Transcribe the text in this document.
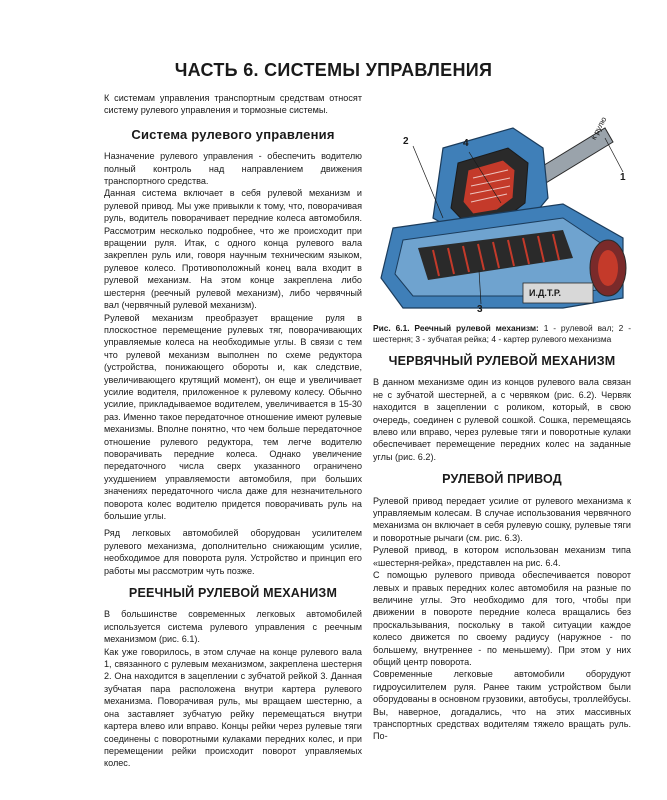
ЧАСТЬ 6. СИСТЕМЫ УПРАВЛЕНИЯ

К системам управления транспортным средствам относят систему рулевого управления и тормозные системы.

Система рулевого управления

Назначение рулевого управления - обеспечить водителю полный контроль над направлением движения транспортного средства.

Данная система включает в себя рулевой механизм и рулевой привод. Мы уже привыкли к тому, что, поворачивая руль, водитель поворачивает передние колеса автомобиля. Рассмотрим несколько подробнее, что же происходит при вращении руля. Итак, с одного конца рулевого вала закреплен руль или, говоря научным техническим языком, рулевое колесо. Противоположный конец вала входит в рулевой механизм. На этом конце закреплена либо шестерня (реечный рулевой механизм), либо червячный вал (червячный рулевой механизм).

Рулевой механизм преобразует вращение руля в плоскостное перемещение рулевых тяг, поворачивающих управляемые колеса на необходимые углы. В связи с тем что рулевой механизм выполнен по схеме редуктора (устройства, понижающего обороты и, как следствие, увеличивающего крутящий момент), он еще и увеличивает усилие водителя, приложенное к рулевому колесу. Обычно усилие, прикладываемое водителем, увеличивается в 15-30 раз. Именно такое передаточное отношение имеют рулевые механизмы. Вполне понятно, что чем больше передаточное отношение рулевого редуктора, тем легче водителю поворачивать передние колеса. Однако увеличение передаточного числа сверх указанного ограничено ухудшением управляемости автомобиля, при больших значениях передаточного числа даже для незначительного поворота колес водителю придется поворачивать руль на большие углы.

Ряд легковых автомобилей оборудован усилителем рулевого механизма, дополнительно снижающим усилие, необходимое для поворота руля. Устройство и принцип его работы мы рассмотрим чуть позже.

РЕЕЧНЫЙ РУЛЕВОЙ МЕХАНИЗМ

В большинстве современных легковых автомобилей используется система рулевого управления с реечным механизмом (рис. 6.1).

Как уже говорилось, в этом случае на конце рулевого вала 1, связанного с рулевым механизмом, закреплена шестерня 2. Она находится в зацеплении с зубчатой рейкой 3. Данная зубчатая пара расположена внутри картера рулевого механизма. Поворачивая руль, мы вращаем шестерню, а она заставляет зубчатую рейку перемещаться внутри картера влево или вправо. Концы рейки через рулевые тяги соединены с поворотными кулаками передних колес, и при перемещении рейки происходит поворот управляемых колес.

1
2
3
4
к рулю
И.Д.Т.Р.

Рис. 6.1. Реечный рулевой механизм: 1 - рулевой вал; 2 - шестерня; 3 - зубчатая рейка; 4 - картер рулевого механизма

ЧЕРВЯЧНЫЙ РУЛЕВОЙ МЕХАНИЗМ

В данном механизме один из концов рулевого вала связан не с зубчатой шестерней, а с червяком (рис. 6.2). Червяк находится в зацеплении с роликом, который, в свою очередь, соединен с рулевой сошкой. Сошка, перемещаясь влево или вправо, через рулевые тяги и поворотные кулаки обеспечивает перемещение передних колес на заданные углы (рис. 6.2).

РУЛЕВОЙ ПРИВОД

Рулевой привод передает усилие от рулевого механизма к управляемым колесам. В случае использования червячного механизма он включает в себя рулевую сошку, рулевые тяги и поворотные рычаги (см. рис. 6.3).

Рулевой привод, в котором использован механизм типа «шестерня-рейка», представлен на рис. 6.4.

С помощью рулевого привода обеспечивается поворот левых и правых передних колес автомобиля на разные по величине углы. Это необходимо для того, чтобы при движении в повороте передние колеса вращались без проскальзывания, поскольку в такой ситуации каждое колесо движется по своему радиусу (наружное - по большему, внутреннее - по меньшему). При этом у них общий центр поворота.

Современные легковые автомобили оборудуют гидроусилителем руля. Ранее таким устройством были оборудованы в основном грузовики, автобусы, троллейбусы. Вы, наверное, догадались, что на этих массивных транспортных средствах водителям тяжело вращать руль. По-
